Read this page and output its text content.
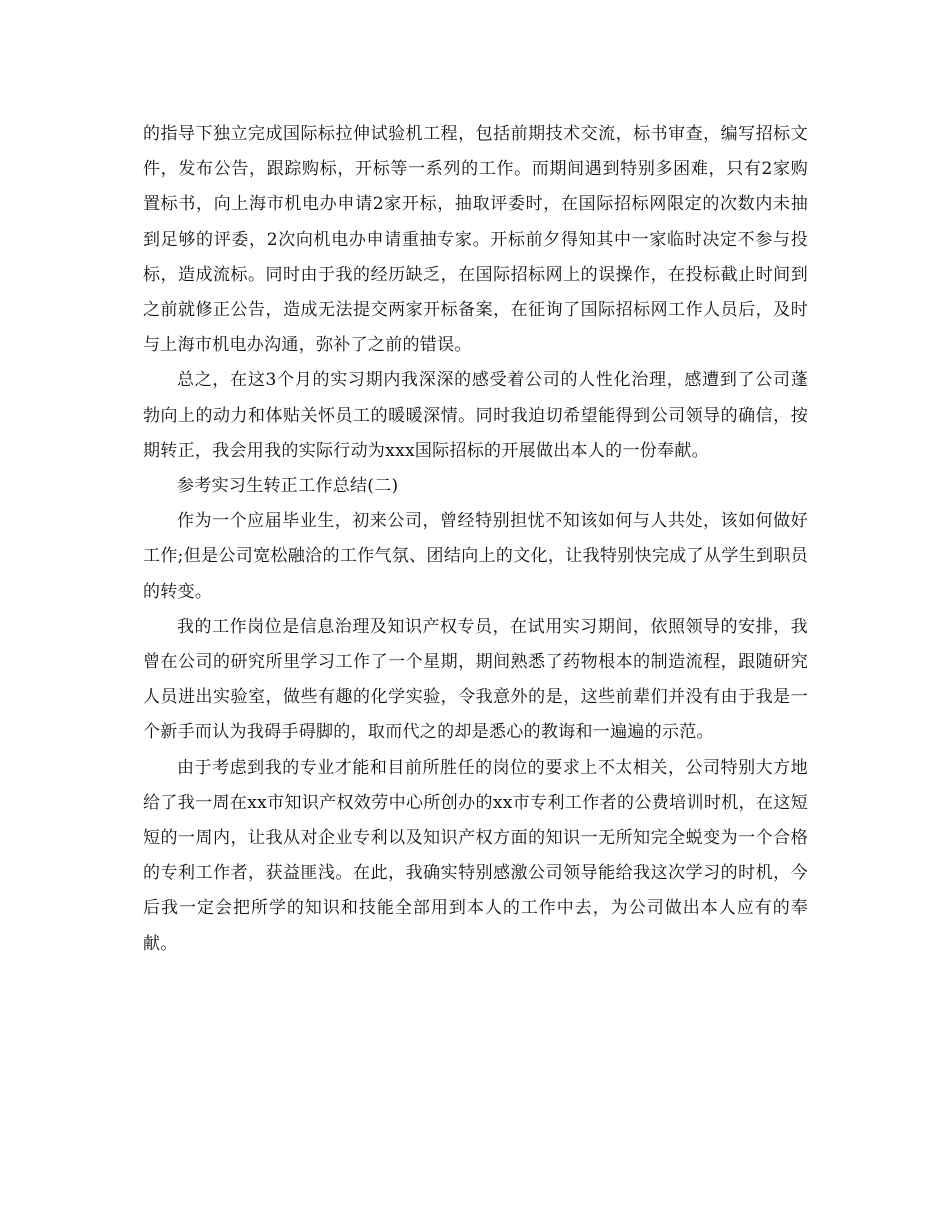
的指导下独立完成国际标拉伸试验机工程，包括前期技术交流，标书审查，编写招标文件，发布公告，跟踪购标，开标等一系列的工作。而期间遇到特别多困难，只有2家购置标书，向上海市机电办申请2家开标，抽取评委时，在国际招标网限定的次数内未抽到足够的评委，2次向机电办申请重抽专家。开标前夕得知其中一家临时决定不参与投标，造成流标。同时由于我的经历缺乏，在国际招标网上的误操作，在投标截止时间到之前就修正公告，造成无法提交两家开标备案，在征询了国际招标网工作人员后，及时与上海市机电办沟通，弥补了之前的错误。

总之，在这3个月的实习期内我深深的感受着公司的人性化治理，感遭到了公司蓬勃向上的动力和体贴关怀员工的暖暖深情。同时我迫切希望能得到公司领导的确信，按期转正，我会用我的实际行动为xxx国际招标的开展做出本人的一份奉献。

参考实习生转正工作总结(二)

作为一个应届毕业生，初来公司，曾经特别担忧不知该如何与人共处，该如何做好工作;但是公司宽松融洽的工作气氛、团结向上的文化，让我特别快完成了从学生到职员的转变。

我的工作岗位是信息治理及知识产权专员，在试用实习期间，依照领导的安排，我曾在公司的研究所里学习工作了一个星期，期间熟悉了药物根本的制造流程，跟随研究人员进出实验室，做些有趣的化学实验，令我意外的是，这些前辈们并没有由于我是一个新手而认为我碍手碍脚的，取而代之的却是悉心的教诲和一遍遍的示范。

由于考虑到我的专业才能和目前所胜任的岗位的要求上不太相关，公司特别大方地给了我一周在xx市知识产权效劳中心所创办的xx市专利工作者的公费培训时机，在这短短的一周内，让我从对企业专利以及知识产权方面的知识一无所知完全蜕变为一个合格的专利工作者，获益匪浅。在此，我确实特别感激公司领导能给我这次学习的时机，今后我一定会把所学的知识和技能全部用到本人的工作中去，为公司做出本人应有的奉献。
